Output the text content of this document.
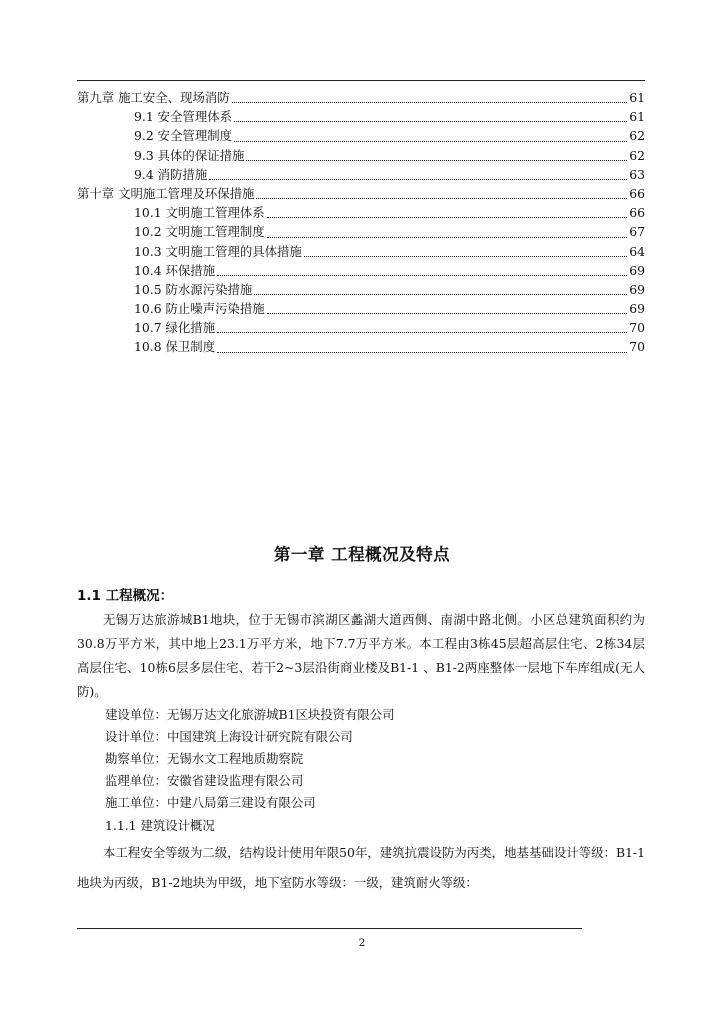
第九章 施工安全、现场消防	61
9.1 安全管理体系	61
9.2 安全管理制度	62
9.3 具体的保证措施	62
9.4 消防措施	63
第十章 文明施工管理及环保措施	66
10.1 文明施工管理体系	66
10.2 文明施工管理制度	67
10.3 文明施工管理的具体措施	64
10.4 环保措施	69
10.5 防水源污染措施	69
10.6 防止噪声污染措施	69
10.7 绿化措施	70
10.8 保卫制度	70
第一章 工程概况及特点
1.1 工程概况：

无锡万达旅游城B1地块，位于无锡市滨湖区蠡湖大道西侧、南湖中路北侧。小区总建筑面积约为30.8万平方米，其中地上23.1万平方米，地下7.7万平方米。本工程由3栋45层超高层住宅、2栋34层高层住宅、10栋6层多层住宅、若干2~3层沿街商业楼及B1-1 、B1-2两座整体一层地下车库组成(无人防)。

建设单位：无锡万达文化旅游城B1区块投资有限公司
设计单位：中国建筑上海设计研究院有限公司
勘察单位：无锡水文工程地质勘察院
监理单位：安徽省建设监理有限公司
施工单位：中建八局第三建设有限公司
1.1.1 建筑设计概况

本工程安全等级为二级，结构设计使用年限50年，建筑抗震设防为丙类，地基基础设计等级：B1-1地块为丙级，B1-2地块为甲级，地下室防水等级：一级，建筑耐火等级：

2
